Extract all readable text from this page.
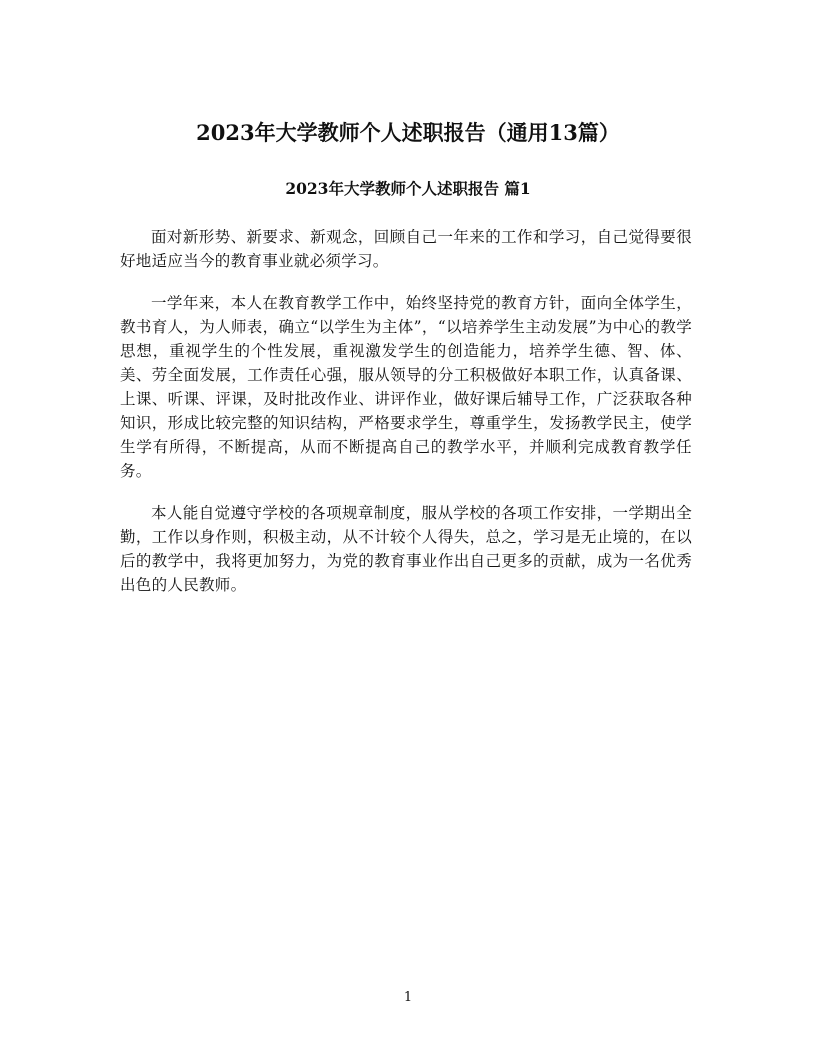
2023年大学教师个人述职报告（通用13篇）
2023年大学教师个人述职报告 篇1

面对新形势、新要求、新观念，回顾自己一年来的工作和学习，自己觉得要很好地适应当今的教育事业就必须学习。

一学年来，本人在教育教学工作中，始终坚持党的教育方针，面向全体学生，教书育人，为人师表，确立“以学生为主体”，“以培养学生主动发展”为中心的教学思想，重视学生的个性发展，重视激发学生的创造能力，培养学生德、智、体、美、劳全面发展，工作责任心强，服从领导的分工积极做好本职工作，认真备课、上课、听课、评课，及时批改作业、讲评作业，做好课后辅导工作，广泛获取各种知识，形成比较完整的知识结构，严格要求学生，尊重学生，发扬教学民主，使学生学有所得，不断提高，从而不断提高自己的教学水平，并顺利完成教育教学任务。

本人能自觉遵守学校的各项规章制度，服从学校的各项工作安排，一学期出全勤，工作以身作则，积极主动，从不计较个人得失，总之，学习是无止境的，在以后的教学中，我将更加努力，为党的教育事业作出自己更多的贡献，成为一名优秀出色的人民教师。

1
